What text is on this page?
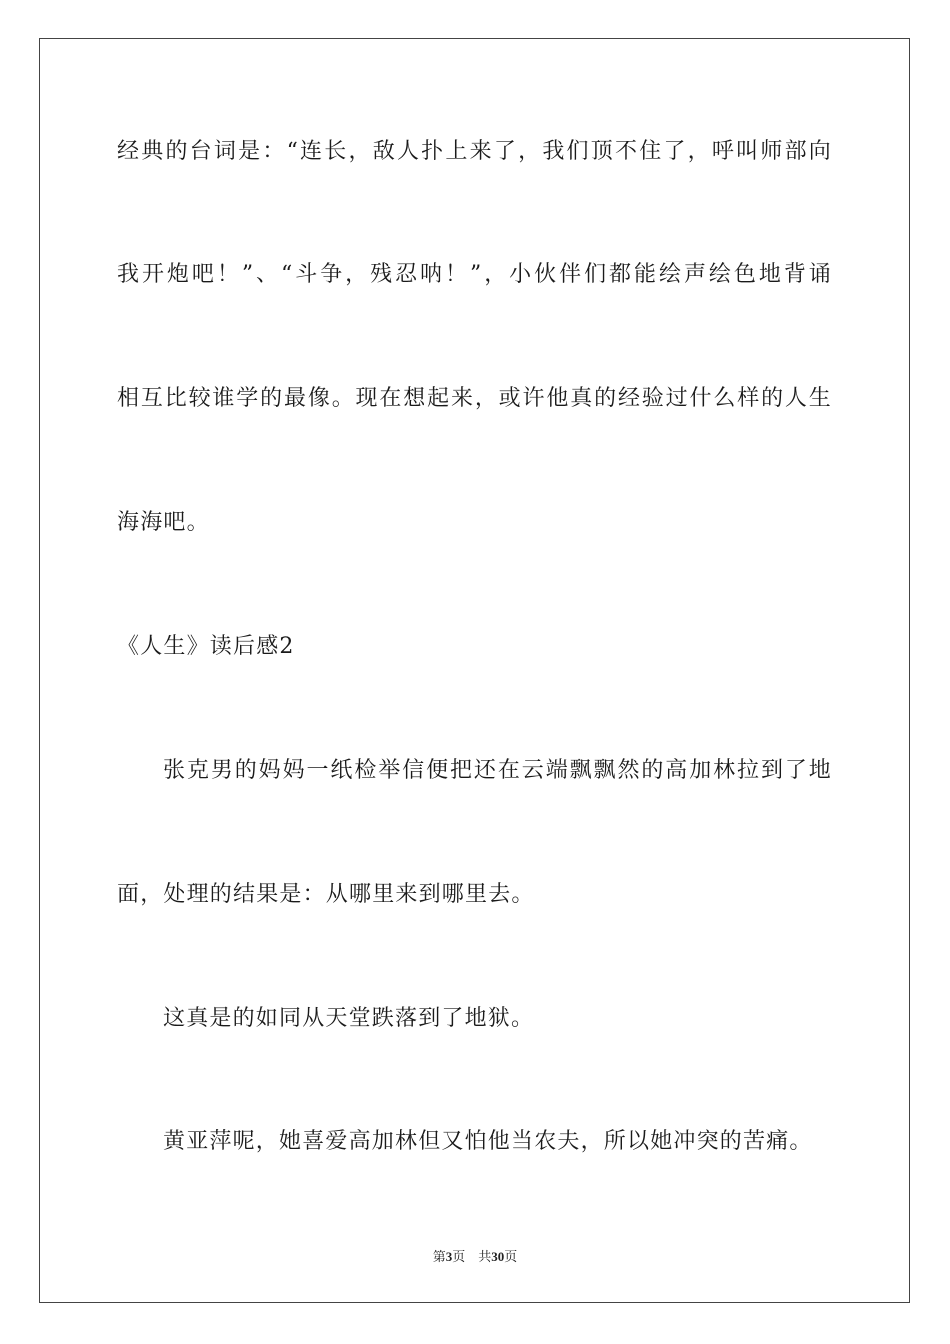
经典的台词是：“连长，敌人扑上来了，我们顶不住了，呼叫师部向
我开炮吧！”、“斗争，残忍呐！”，小伙伴们都能绘声绘色地背诵
相互比较谁学的最像。现在想起来，或许他真的经验过什么样的人生
海海吧。
《人生》读后感2
张克男的妈妈一纸检举信便把还在云端飘飘然的高加林拉到了地
面，处理的结果是：从哪里来到哪里去。
这真是的如同从天堂跌落到了地狱。
黄亚萍呢，她喜爱高加林但又怕他当农夫，所以她冲突的苦痛。
第3页　共30页
